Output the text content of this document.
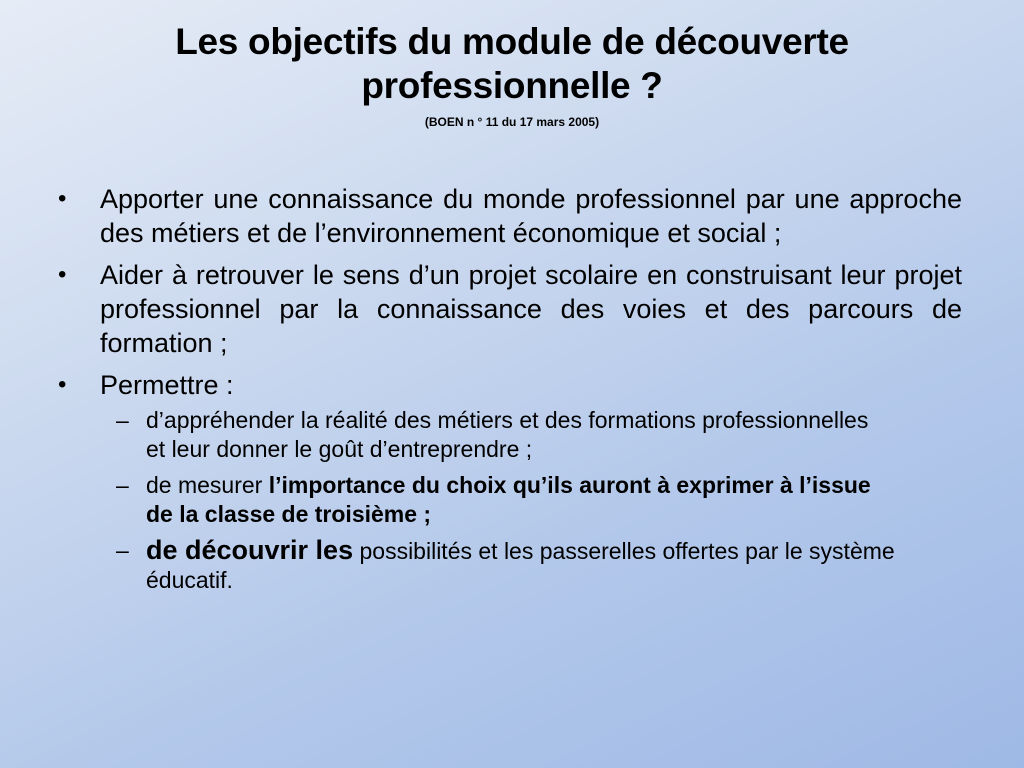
Les objectifs du module de découverte professionnelle ?
(BOEN n ° 11 du 17 mars 2005)
•	Apporter une connaissance du monde professionnel par une approche des métiers et de l’environnement économique et social ;
•	Aider à retrouver le sens d’un projet scolaire en construisant leur projet professionnel par la connaissance des voies et des parcours de formation ;
•	Permettre :
– d’appréhender la réalité des métiers et des formations professionnelles et leur donner le goût d’entreprendre ;
– de mesurer l’importance du choix qu’ils auront à exprimer à l’issue de la classe de troisième ;
– de découvrir les possibilités et les passerelles offertes par le système éducatif.
